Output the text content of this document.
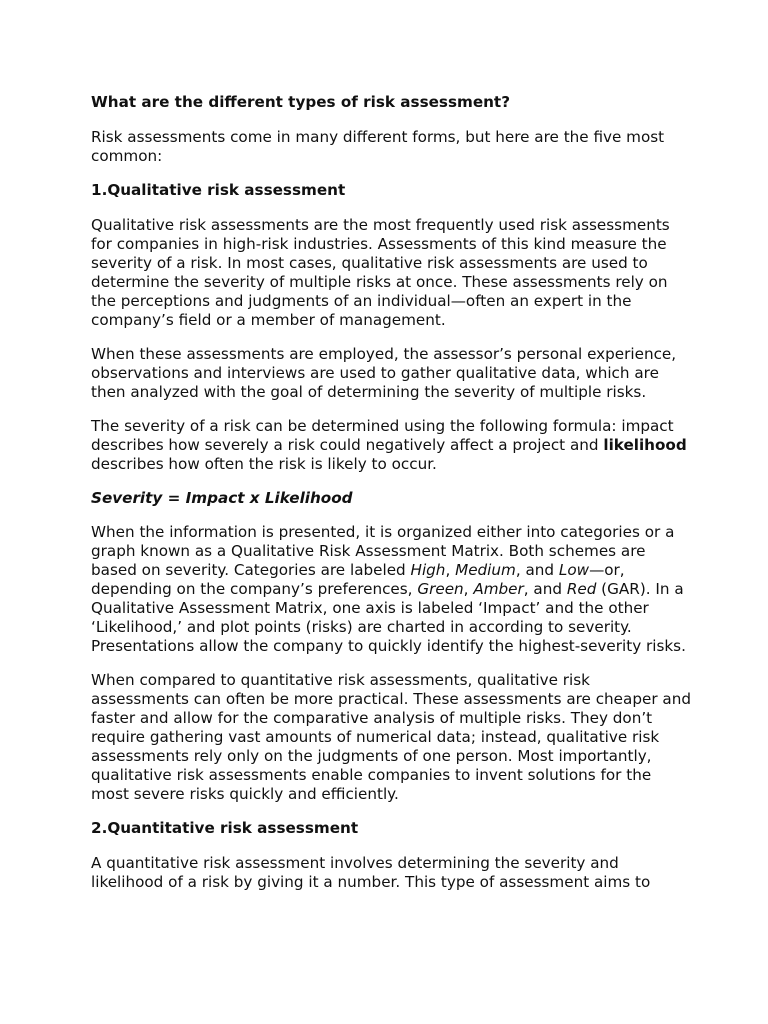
What are the different types of risk assessment?

Risk assessments come in many different forms, but here are the five most common:

1.Qualitative risk assessment

Qualitative risk assessments are the most frequently used risk assessments for companies in high-risk industries. Assessments of this kind measure the severity of a risk. In most cases, qualitative risk assessments are used to determine the severity of multiple risks at once. These assessments rely on the perceptions and judgments of an individual—often an expert in the company’s field or a member of management.

When these assessments are employed, the assessor’s personal experience, observations and interviews are used to gather qualitative data, which are then analyzed with the goal of determining the severity of multiple risks.

The severity of a risk can be determined using the following formula: impact describes how severely a risk could negatively affect a project and likelihood describes how often the risk is likely to occur.

Severity = Impact x Likelihood

When the information is presented, it is organized either into categories or a graph known as a Qualitative Risk Assessment Matrix. Both schemes are based on severity. Categories are labeled High, Medium, and Low—or, depending on the company’s preferences, Green, Amber, and Red (GAR). In a Qualitative Assessment Matrix, one axis is labeled ‘Impact’ and the other ‘Likelihood,’ and plot points (risks) are charted in according to severity. Presentations allow the company to quickly identify the highest-severity risks.

When compared to quantitative risk assessments, qualitative risk assessments can often be more practical. These assessments are cheaper and faster and allow for the comparative analysis of multiple risks. They don’t require gathering vast amounts of numerical data; instead, qualitative risk assessments rely only on the judgments of one person. Most importantly, qualitative risk assessments enable companies to invent solutions for the most severe risks quickly and efficiently.

2.Quantitative risk assessment

A quantitative risk assessment involves determining the severity and likelihood of a risk by giving it a number. This type of assessment aims to
